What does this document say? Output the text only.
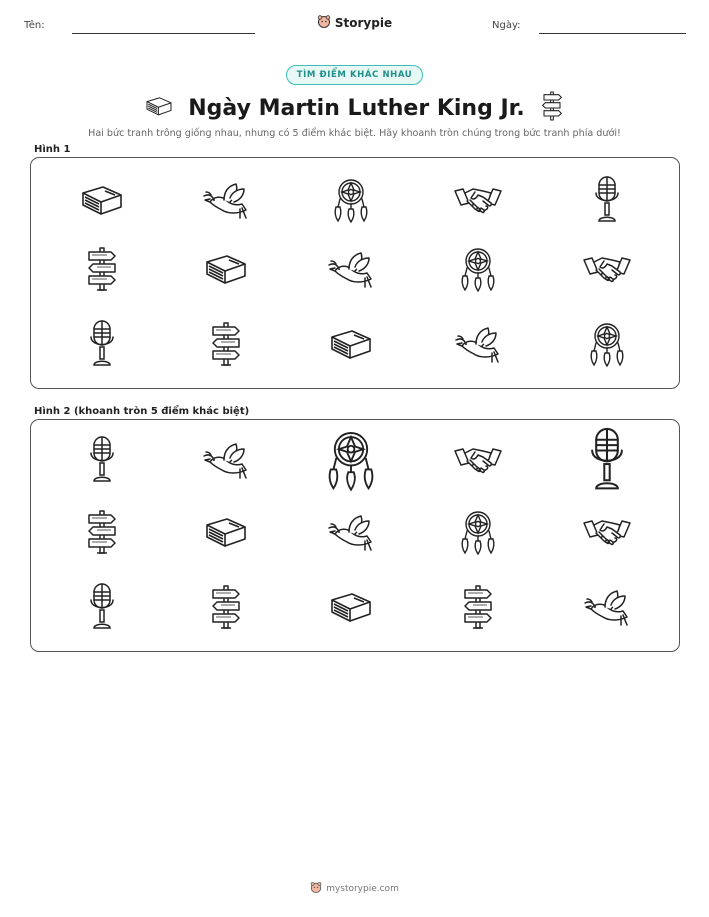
Tên:	Storypie	Ngày:
TÌM ĐIỂM KHÁC NHAU
Ngày Martin Luther King Jr.
Hai bức tranh trông giống nhau, nhưng có 5 điểm khác biệt. Hãy khoanh tròn chúng trong bức tranh phía dưới!
Hình 1
Hình 2 (khoanh tròn 5 điểm khác biệt)
mystorypie.com
